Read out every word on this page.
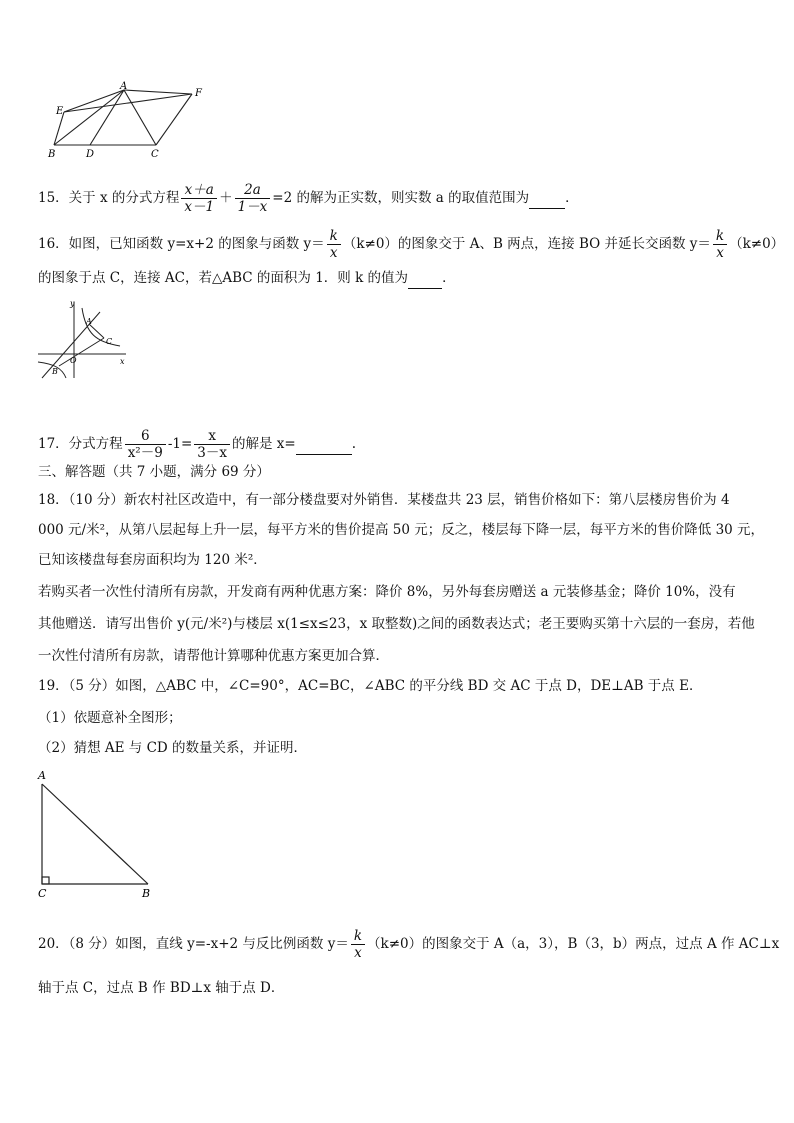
A
E
F
B	D	C
15．关于 x 的分式方程 $\frac{x+a}{x-1} + \frac{2a}{1-x} =2$ 的解为正实数，则实数 a 的取值范围为	．
16．如图，已知函数 y=x+2 的图象与函数 $y= \frac{k}{x} (k\ne 0)$的图象交于 A、B 两点，连接 BO 并延长交函数 $y= \frac{k}{x} (k\ne 0)$
的图象于点 C，连接 AC，若△ABC 的面积为 1．则 k 的值为	．
y
x
A
C
O
B
17．分式方程 $\frac{6}{\text{x²－9}} -1= \frac{x}{3-x}$ 的解是 x=	.
三、解答题（共 7 小题，满分 69 分）
18．（10 分）新农村社区改造中，有一部分楼盘要对外销售．某楼盘共 23 层，销售价格如下：第八层楼房售价为 4
000 元/米²，从第八层起每上升一层，每平方米的售价提高 50 元；反之，楼层每下降一层，每平方米的售价降低 30 元，
已知该楼盘每套房面积均为 120 米²．
若购买者一次性付清所有房款，开发商有两种优惠方案：降价 8%，另外每套房赠送 a 元装修基金；降价 10%，没有
其他赠送．请写出售价 y(元/米²)与楼层 x(1≤x≤23，x 取整数)之间的函数表达式；老王要购买第十六层的一套房，若他
一次性付清所有房款，请帮他计算哪种优惠方案更加合算．
19．（5 分）如图，△ABC 中，∠C=90°，AC=BC，∠ABC 的平分线 BD 交 AC 于点 D，DE⊥AB 于点 E．
（1）依题意补全图形；
（2）猜想 AE 与 CD 的数量关系，并证明．
A
C	B
20．（8 分）如图，直线 y=-x+2 与反比例函数 $y= \frac{k}{x} (k\ne 0)$的图象交于 A（a，3），B（3，b）两点，过点 A 作 AC⊥x
轴于点 C，过点 B 作 BD⊥x 轴于点 D．
